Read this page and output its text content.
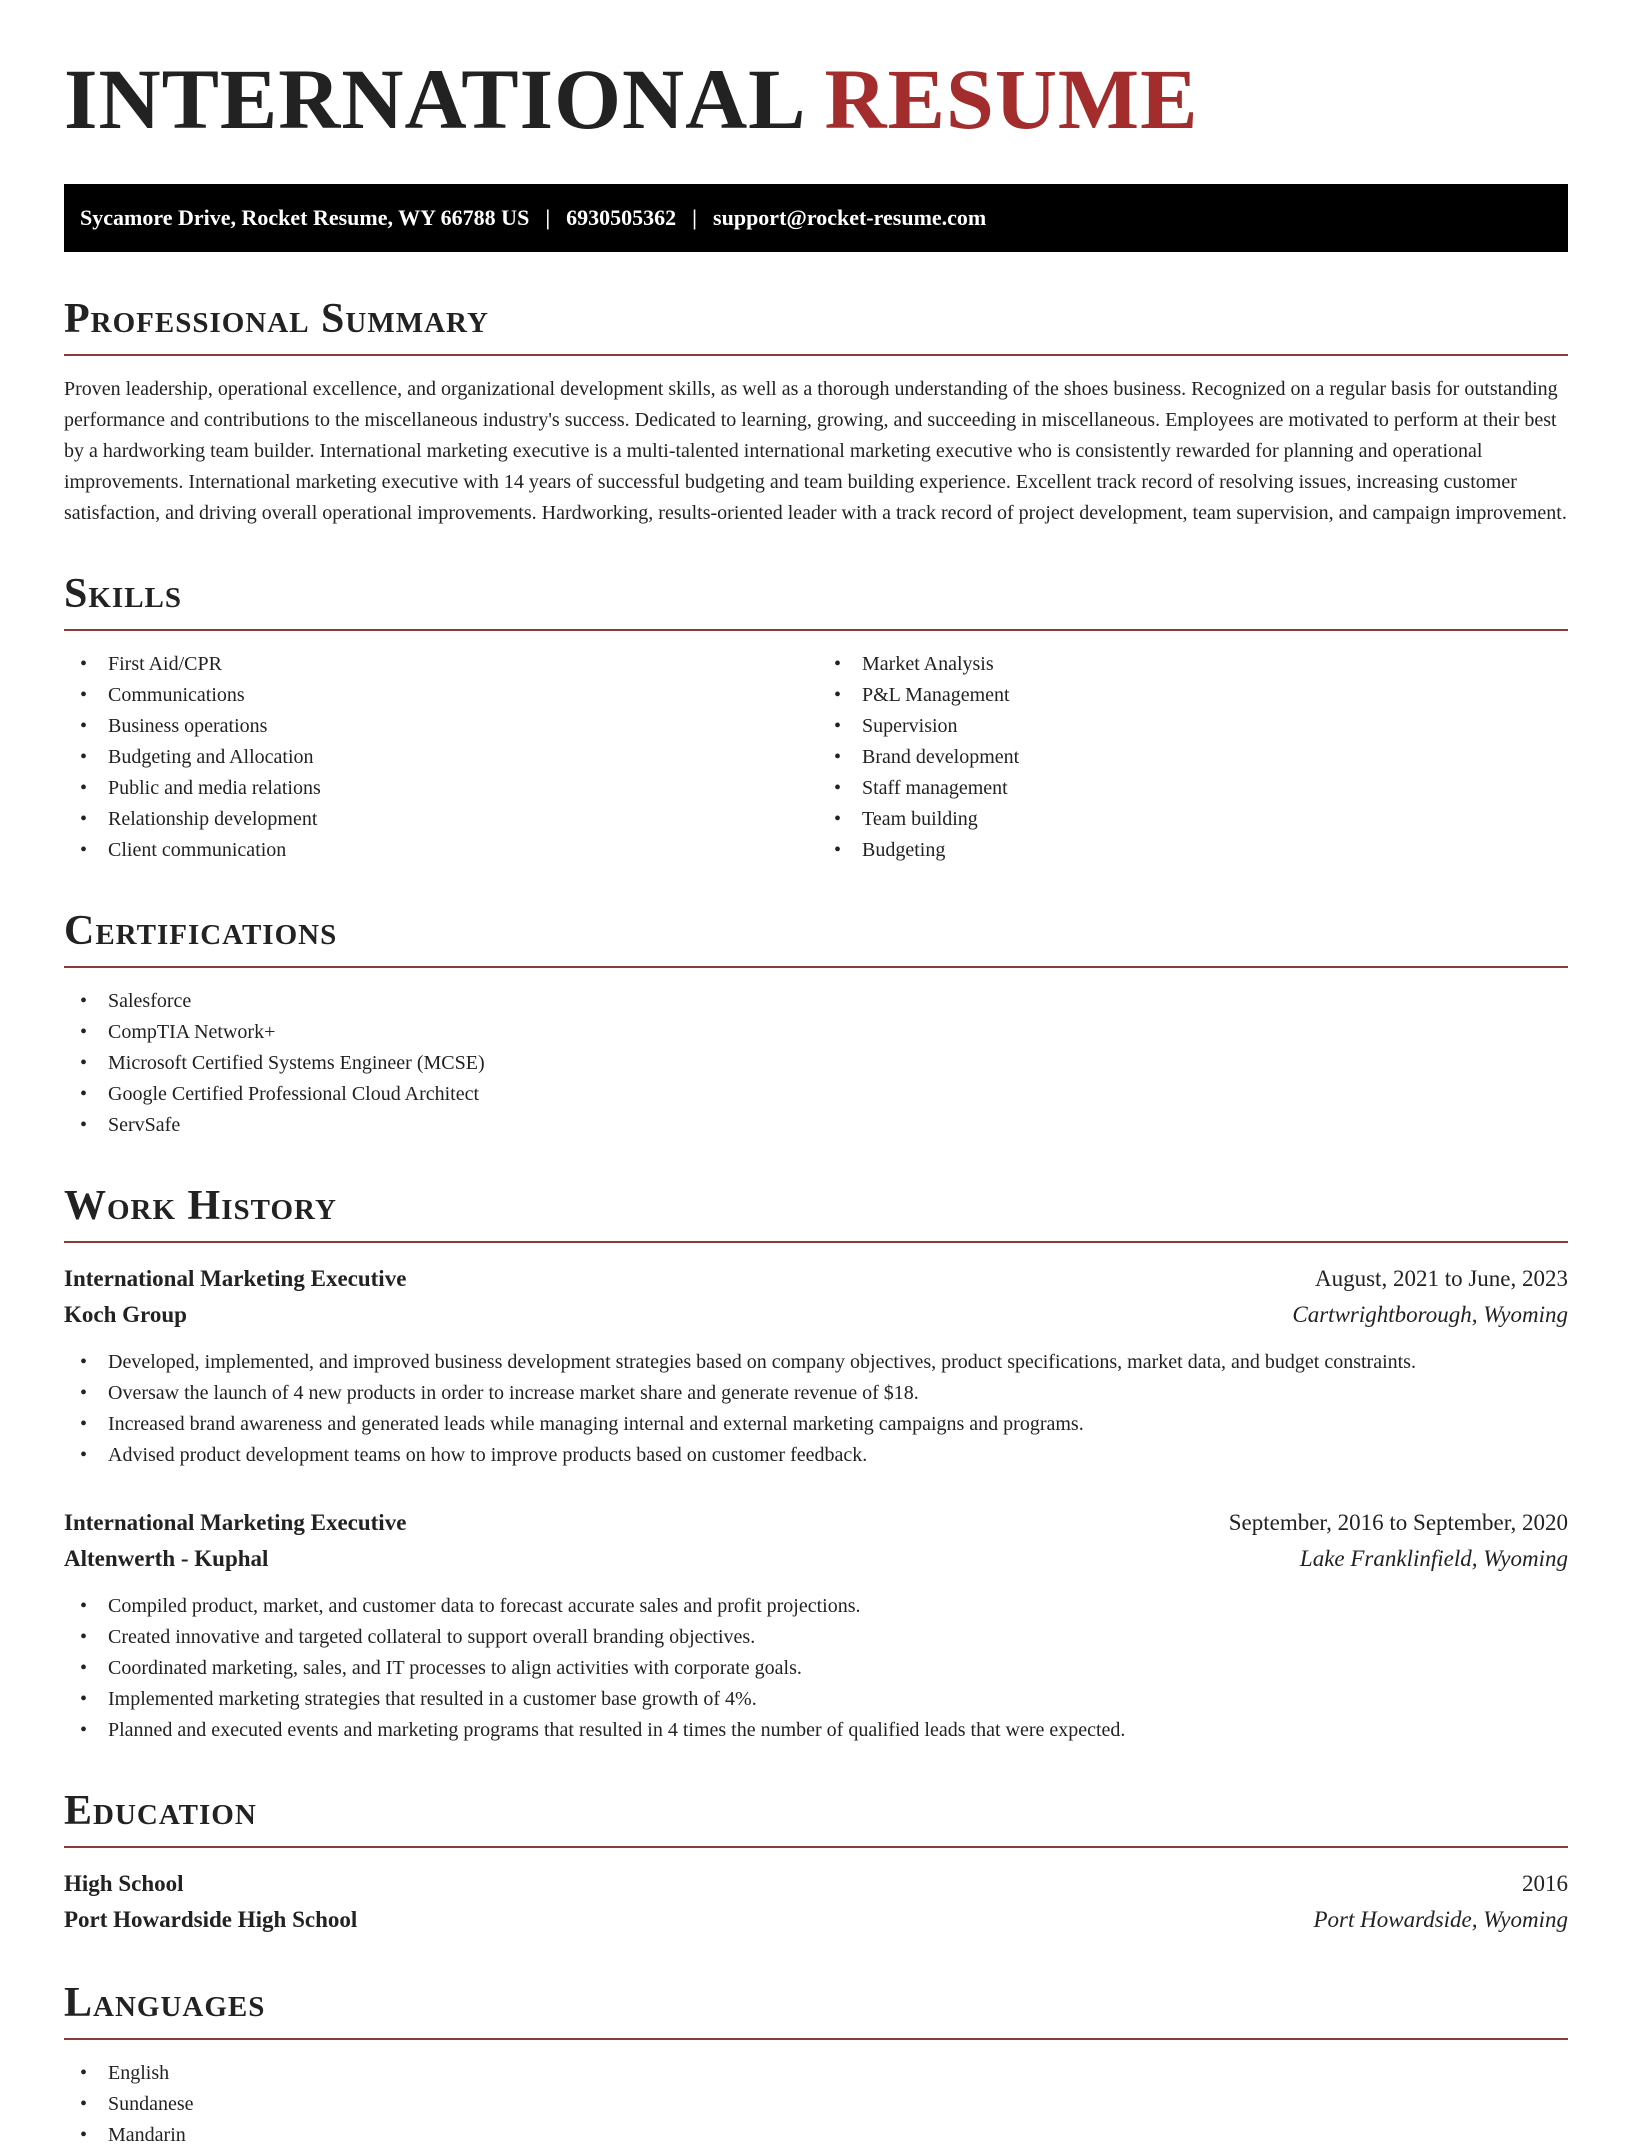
INTERNATIONAL RESUME
Sycamore Drive, Rocket Resume, WY 66788 US | 6930505362 | support@rocket-resume.com
Professional Summary

Proven leadership, operational excellence, and organizational development skills, as well as a thorough understanding of the shoes business. Recognized on a regular basis for outstanding performance and contributions to the miscellaneous industry's success. Dedicated to learning, growing, and succeeding in miscellaneous. Employees are motivated to perform at their best by a hardworking team builder. International marketing executive is a multi-talented international marketing executive who is consistently rewarded for planning and operational improvements. International marketing executive with 14 years of successful budgeting and team building experience. Excellent track record of resolving issues, increasing customer satisfaction, and driving overall operational improvements. Hardworking, results-oriented leader with a track record of project development, team supervision, and campaign improvement.

Skills
• First Aid/CPR
• Communications
• Business operations
• Budgeting and Allocation
• Public and media relations
• Relationship development
• Client communication
• Market Analysis
• P&L Management
• Supervision
• Brand development
• Staff management
• Team building
• Budgeting
Certifications
• Salesforce
• CompTIA Network+
• Microsoft Certified Systems Engineer (MCSE)
• Google Certified Professional Cloud Architect
• ServSafe
Work History
International Marketing Executive	August, 2021 to June, 2023
Koch Group	Cartwrightborough, Wyoming
• Developed, implemented, and improved business development strategies based on company objectives, product specifications, market data, and budget constraints.
• Oversaw the launch of 4 new products in order to increase market share and generate revenue of $18.
• Increased brand awareness and generated leads while managing internal and external marketing campaigns and programs.
• Advised product development teams on how to improve products based on customer feedback.
International Marketing Executive	September, 2016 to September, 2020
Altenwerth - Kuphal	Lake Franklinfield, Wyoming
• Compiled product, market, and customer data to forecast accurate sales and profit projections.
• Created innovative and targeted collateral to support overall branding objectives.
• Coordinated marketing, sales, and IT processes to align activities with corporate goals.
• Implemented marketing strategies that resulted in a customer base growth of 4%.
• Planned and executed events and marketing programs that resulted in 4 times the number of qualified leads that were expected.
Education
High School	2016
Port Howardside High School	Port Howardside, Wyoming
Languages
• English
• Sundanese
• Mandarin
